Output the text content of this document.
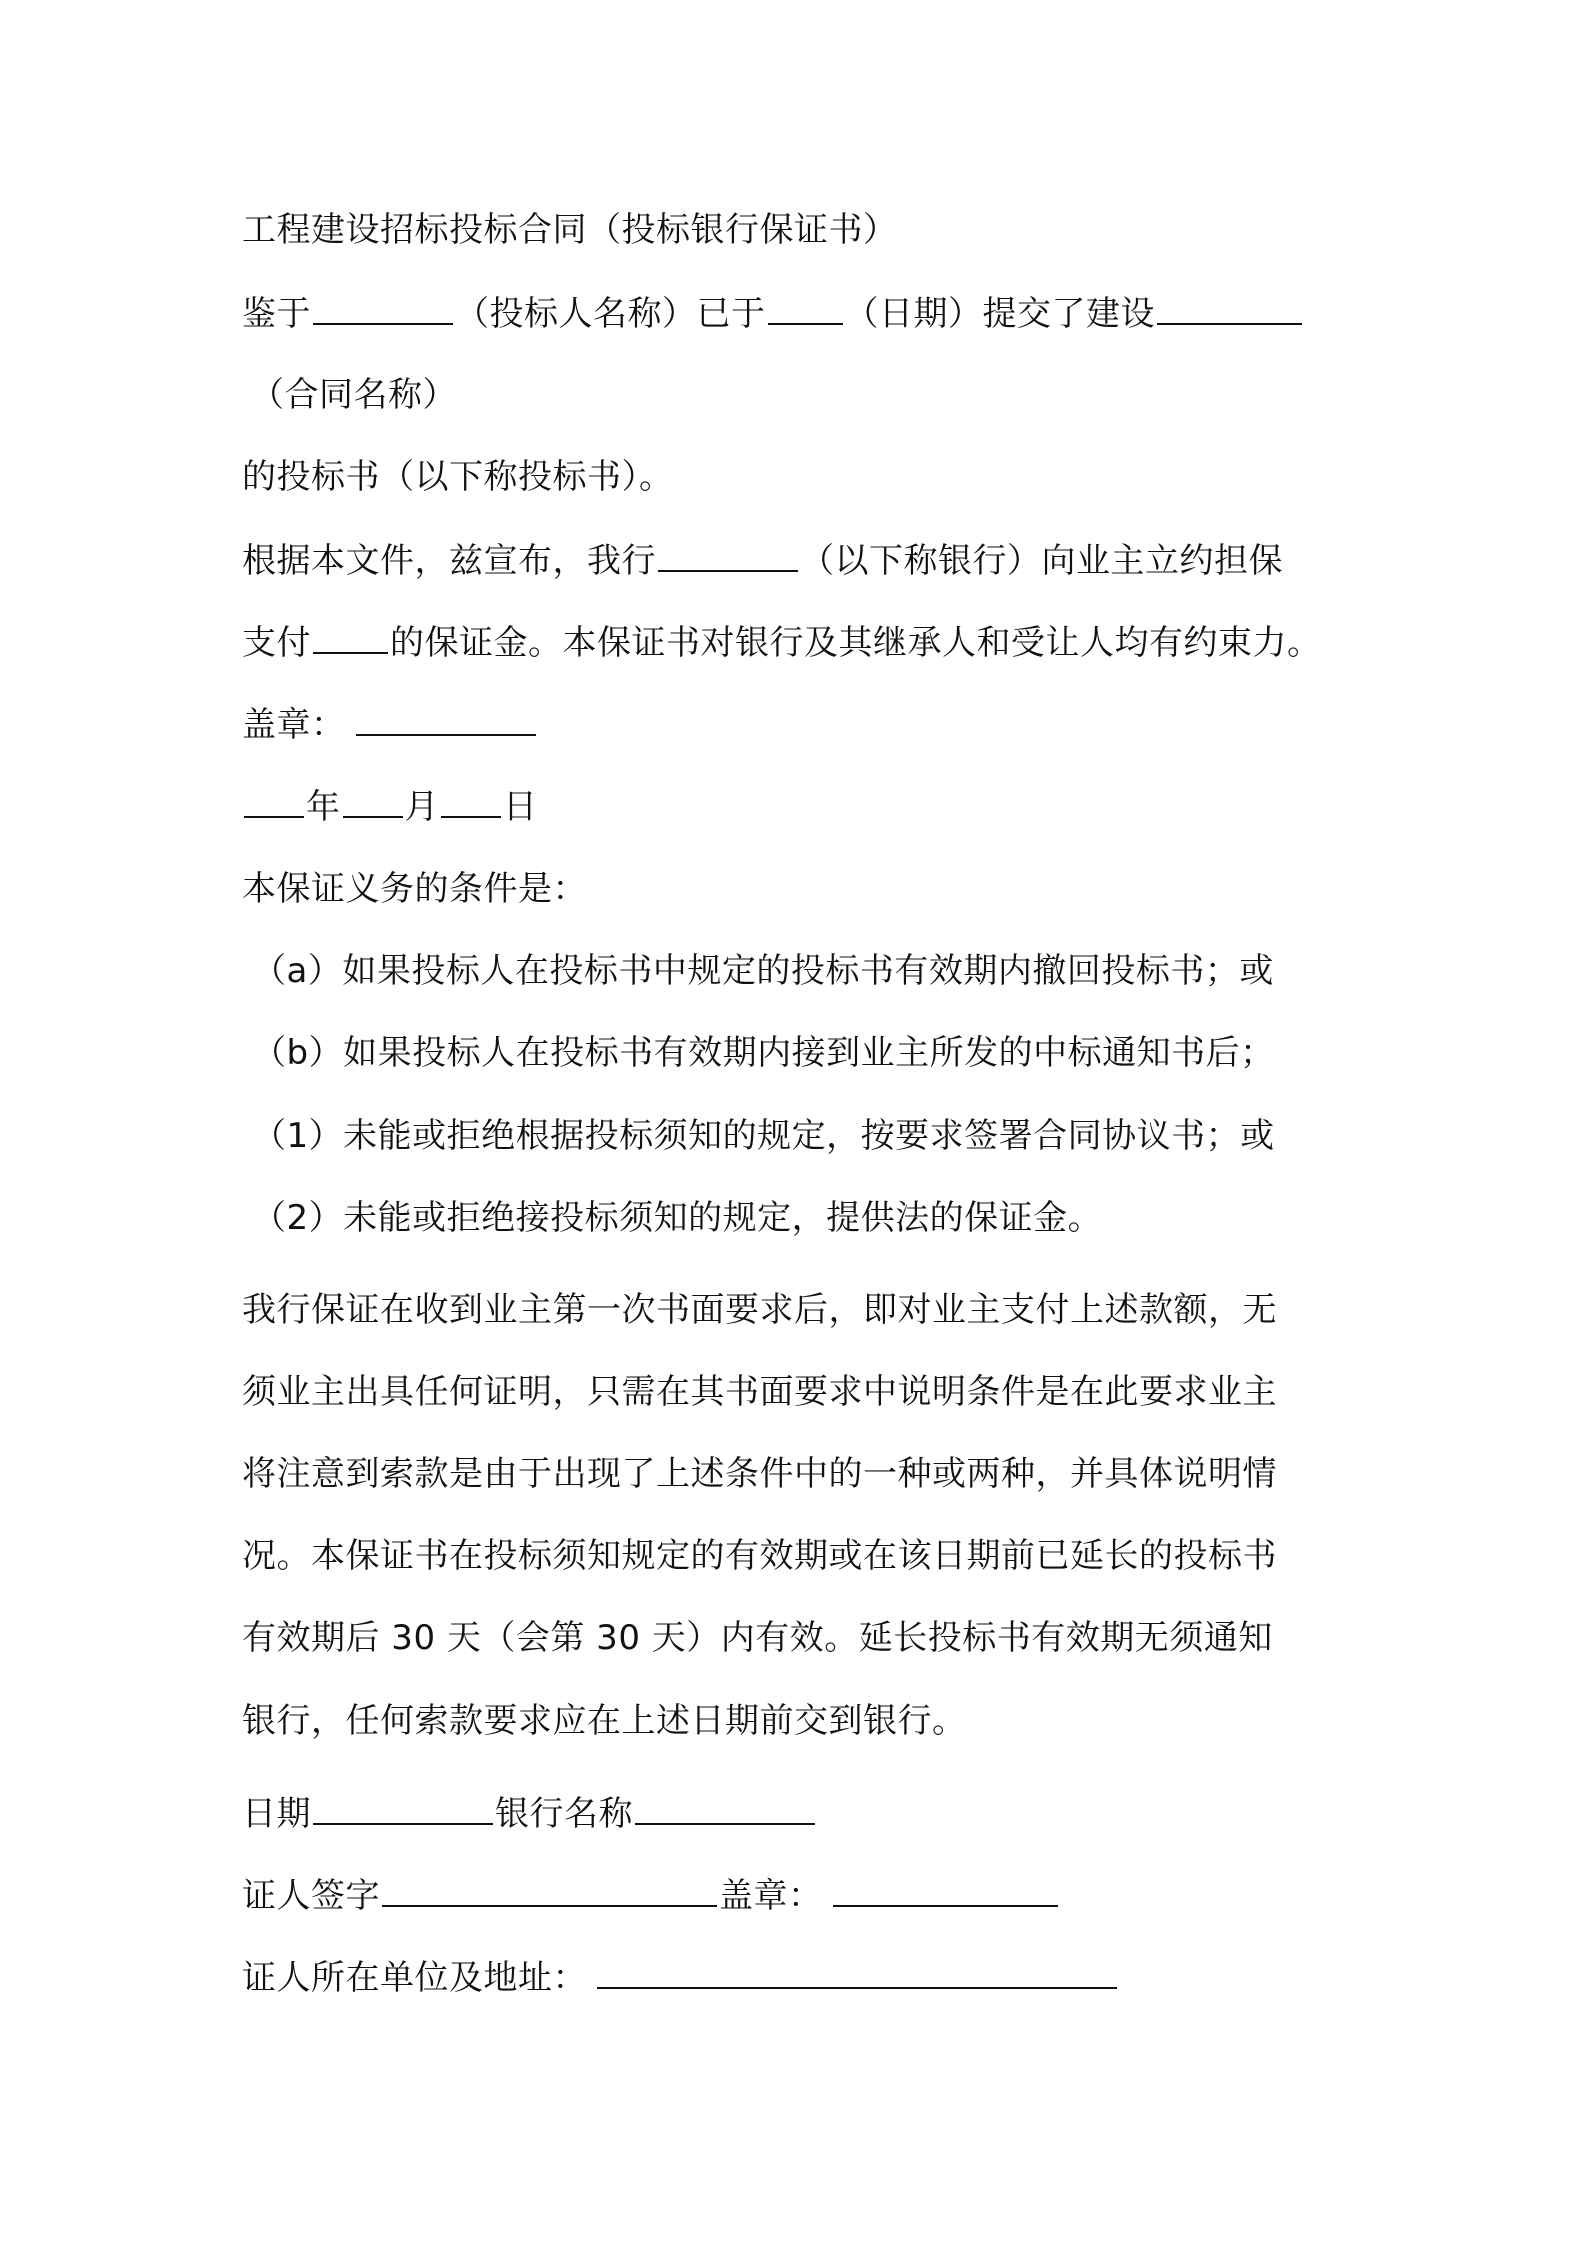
工程建设招标投标合同（投标银行保证书）
鉴于	（投标人名称）已于 （日期）提交了建设
（合同名称）
的投标书（以下称投标书）。
根据本文件，兹宣布，我行	（以下称银行）向业主立约担保
支付 的保证金。本保证书对银行及其继承人和受让人均有约束力。
盖章：
年 月 日
本保证义务的条件是：
（a）如果投标人在投标书中规定的投标书有效期内撤回投标书；或
（b）如果投标人在投标书有效期内接到业主所发的中标通知书后；
（1）未能或拒绝根据投标须知的规定，按要求签署合同协议书；或
（2）未能或拒绝接投标须知的规定，提供法的保证金。
我行保证在收到业主第一次书面要求后，即对业主支付上述款额，无
须业主出具任何证明，只需在其书面要求中说明条件是在此要求业主
将注意到索款是由于出现了上述条件中的一种或两种，并具体说明情
况。本保证书在投标须知规定的有效期或在该日期前已延长的投标书
有效期后 30 天（会第 30 天）内有效。延长投标书有效期无须通知
银行，任何索款要求应在上述日期前交到银行。
日期	银行名称
证人签字	盖章：
证人所在单位及地址：
